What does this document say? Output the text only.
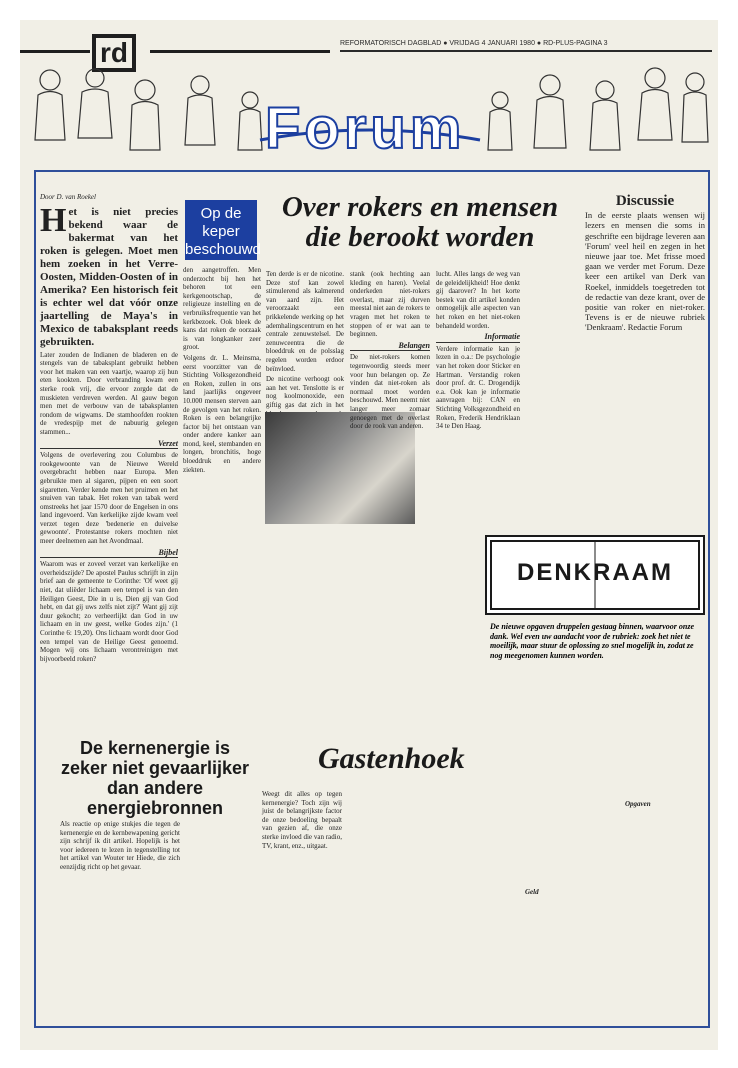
rd	REFORMATORISCH DAGBLAD ● VRIJDAG 4 JANUARI 1980 ● RD-PLUS-PAGINA 3
Forum
Door D. van Roekel
H et is niet precies bekend waar de bakermat van het roken is gelegen. Moet men hem zoeken in het Verre-Oosten, Midden-Oosten of in Amerika? Een historisch feit is echter wel dat vóór onze jaartelling de Maya's in Mexico de tabaksplant reeds gebruikten.

Later zouden de Indianen de bladeren en de stengels van de tabaksplant gebruikt hebben voor het maken van een vaartje, waarop zij hun eten kookten. Door verbranding kwam een sterke rook vrij, die ervoor zorgde dat de muskieten verdreven werden. Al gauw begon men met de verbouw van de tabaksplanten rondom de wigwams. De stamhoofden rookten de vredespijp met de nabuurig gelegen stammen...

Verzet

Volgens de overlevering zou Columbus de rookgewoonte van de Nieuwe Wereld overgebracht hebben naar Europa. Men gebruikte men al sigaren, pijpen en een soort sigaretten. Verder kende men het pruimen en het snuiven van tabak. Het roken van tabak werd omstreeks het jaar 1570 door de Engelsen in ons land ingevoerd. Van kerkelijke zijde kwam veel verzet tegen deze 'bedenerie en duivelse gewoonte'. Protestantse rokers mochten niet meer deelnemen aan het Avondmaal.

Bijbel

Waarom was er zoveel verzet van kerkelijke en overheidszijde? De apostel Paulus schrijft in zijn brief aan de gemeente te Corinthe: 'Of weet gij niet, dat uliëder lichaam een tempel is van den Heiligen Geest, Die in u is, Dien gij van God hebt, en dat gij uws zelfs niet zijt?' Want gij zijt duur gekocht; zo verheerlijkt dan God in uw lichaam en in uw geest, welke Godes zijn.' (1 Corinthe 6: 19,20). Ons lichaam wordt door God een tempel van de Heilige Geest genoemd. Mogen wij ons lichaam verontreinigen met bijvoorbeeld roken?

Op de
keper
beschouwd
Over rokers en mensen
die berookt worden

den aangetroffen. Men onderzocht bij hen het behoren tot een kerkgenootschap, de religieuze instelling en de verbruiksfrequentie van het kerkbezoek. Ook bleek de kans dat roken de oorzaak is van longkanker zeer groot.

Volgens dr. L. Meinsma, eerst voorzitter van de Stichting Volksgezondheid en Roken, zullen in ons land jaarlijks ongeveer 10.000 mensen sterven aan de gevolgen van het roken. Roken is een belangrijke factor bij het ontstaan van onder andere kanker aan mond, keel, stembanden en longen, bronchitis, hoge bloeddruk en andere ziekten.

Ten derde is er de nicotine. Deze stof kan zowel stimulerend als kalmerend van aard zijn. Het veroorzaakt een prikkelende werking op het ademhalingscentrum en het centrale zenuwstelsel. De zenuwceentra die de bloeddruk en de polsslag regelen worden erdoor beïnvloed.

De nicotine verhoogt ook aan het vet. Tenslotte is er nog koolmonoxide, een giftig gas dat zich in het

stank (ook hechting aan kleding en haren). Veelal onderkeden niet-rokers overlast, maar zij durven meestal niet aan de rokers te vragen met het roken te stoppen of er wat aan te beginnen.

Belangen

De niet-rokers komen tegenwoordig steeds meer voor hun belangen op. Ze vinden dat niet-roken als normaal moet worden beschouwd. Men neemt niet langer meer zomaar genoegen met de overlast door de rook van anderen.

lucht. Alles langs de weg van de geleidelijkheid! Hoe denkt gij daarover? In het korte bestek van dit artikel konden onmogelijk alle aspecten van het roken en het niet-roken behandeld worden.

Informatie

Verdere informatie kan je lezen in o.a.: De psychologie van het roken door Sticker en Hartman. Verstandig roken door prof. dr. C. Drogendijk e.a. Ook kan je informatie aanvragen bij: CAN en Stichting Volksgezondheid en Roken, Frederik Hendriklaan 34 te Den Haag.

Discussie

In de eerste plaats wensen wij lezers en mensen die soms in geschrifte een bijdrage leveren aan 'Forum' veel heil en zegen in het nieuwe jaar toe. Met frisse moed gaan we verder met Forum. Deze keer een artikel van Derk van Roekel, inmiddels toegetreden tot de redactie van deze krant, over de positie van roker en niet-roker. Tevens is er de nieuwe rubriek 'Denkraam'. Redactie Forum

DENKRAAM
De nieuwe opgaven druppelen gestaag binnen, waarvoor onze dank. Wel even uw aandacht voor de rubriek: zoek het niet te moeilijk, maar stuur de oplossing zo snel mogelijk in, zodat ze nog meegenomen kunnen worden.
De kernenergie is zeker niet gevaarlijker dan andere energiebronnen

Als reactie op enige stukjes die tegen de kernenergie en de kernbewapening gericht zijn schrijf ik dit artikel. Hopelijk is het voor iedereen te lezen in tegenstelling tot het artikel van Wouter ter Hiede, die zich eenzijdig richt op het gevaar.

Gastenhoek

Weegt dit alles op tegen kernenergie? Toch zijn wij juist de belangrijkste factor de onze bedoeling bepaalt van gezien af, die onze sterke invloed die van radio, TV, krant, enz., uitgaat.

Opgaven
Geld
